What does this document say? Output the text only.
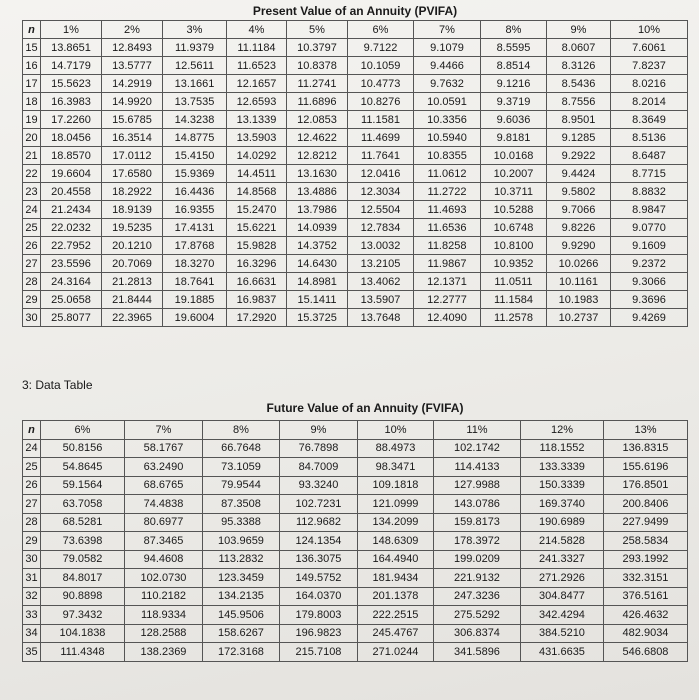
Present Value of an Annuity (PVIFA)
n	1%	2%	3%	4%	5%	6%	7%	8%	9%	10%
15	13.8651	12.8493	11.9379	11.1184	10.3797	9.7122	9.1079	8.5595	8.0607	7.6061
16	14.7179	13.5777	12.5611	11.6523	10.8378	10.1059	9.4466	8.8514	8.3126	7.8237
17	15.5623	14.2919	13.1661	12.1657	11.2741	10.4773	9.7632	9.1216	8.5436	8.0216
18	16.3983	14.9920	13.7535	12.6593	11.6896	10.8276	10.0591	9.3719	8.7556	8.2014
19	17.2260	15.6785	14.3238	13.1339	12.0853	11.1581	10.3356	9.6036	8.9501	8.3649
20	18.0456	16.3514	14.8775	13.5903	12.4622	11.4699	10.5940	9.8181	9.1285	8.5136
21	18.8570	17.0112	15.4150	14.0292	12.8212	11.7641	10.8355	10.0168	9.2922	8.6487
22	19.6604	17.6580	15.9369	14.4511	13.1630	12.0416	11.0612	10.2007	9.4424	8.7715
23	20.4558	18.2922	16.4436	14.8568	13.4886	12.3034	11.2722	10.3711	9.5802	8.8832
24	21.2434	18.9139	16.9355	15.2470	13.7986	12.5504	11.4693	10.5288	9.7066	8.9847
25	22.0232	19.5235	17.4131	15.6221	14.0939	12.7834	11.6536	10.6748	9.8226	9.0770
26	22.7952	20.1210	17.8768	15.9828	14.3752	13.0032	11.8258	10.8100	9.9290	9.1609
27	23.5596	20.7069	18.3270	16.3296	14.6430	13.2105	11.9867	10.9352	10.0266	9.2372
28	24.3164	21.2813	18.7641	16.6631	14.8981	13.4062	12.1371	11.0511	10.1161	9.3066
29	25.0658	21.8444	19.1885	16.9837	15.1411	13.5907	12.2777	11.1584	10.1983	9.3696
30	25.8077	22.3965	19.6004	17.2920	15.3725	13.7648	12.4090	11.2578	10.2737	9.4269
3: Data Table
Future Value of an Annuity (FVIFA)
n	6%	7%	8%	9%	10%	11%	12%	13%
24	50.8156	58.1767	66.7648	76.7898	88.4973	102.1742	118.1552	136.8315
25	54.8645	63.2490	73.1059	84.7009	98.3471	114.4133	133.3339	155.6196
26	59.1564	68.6765	79.9544	93.3240	109.1818	127.9988	150.3339	176.8501
27	63.7058	74.4838	87.3508	102.7231	121.0999	143.0786	169.3740	200.8406
28	68.5281	80.6977	95.3388	112.9682	134.2099	159.8173	190.6989	227.9499
29	73.6398	87.3465	103.9659	124.1354	148.6309	178.3972	214.5828	258.5834
30	79.0582	94.4608	113.2832	136.3075	164.4940	199.0209	241.3327	293.1992
31	84.8017	102.0730	123.3459	149.5752	181.9434	221.9132	271.2926	332.3151
32	90.8898	110.2182	134.2135	164.0370	201.1378	247.3236	304.8477	376.5161
33	97.3432	118.9334	145.9506	179.8003	222.2515	275.5292	342.4294	426.4632
34	104.1838	128.2588	158.6267	196.9823	245.4767	306.8374	384.5210	482.9034
35	111.4348	138.2369	172.3168	215.7108	271.0244	341.5896	431.6635	546.6808
